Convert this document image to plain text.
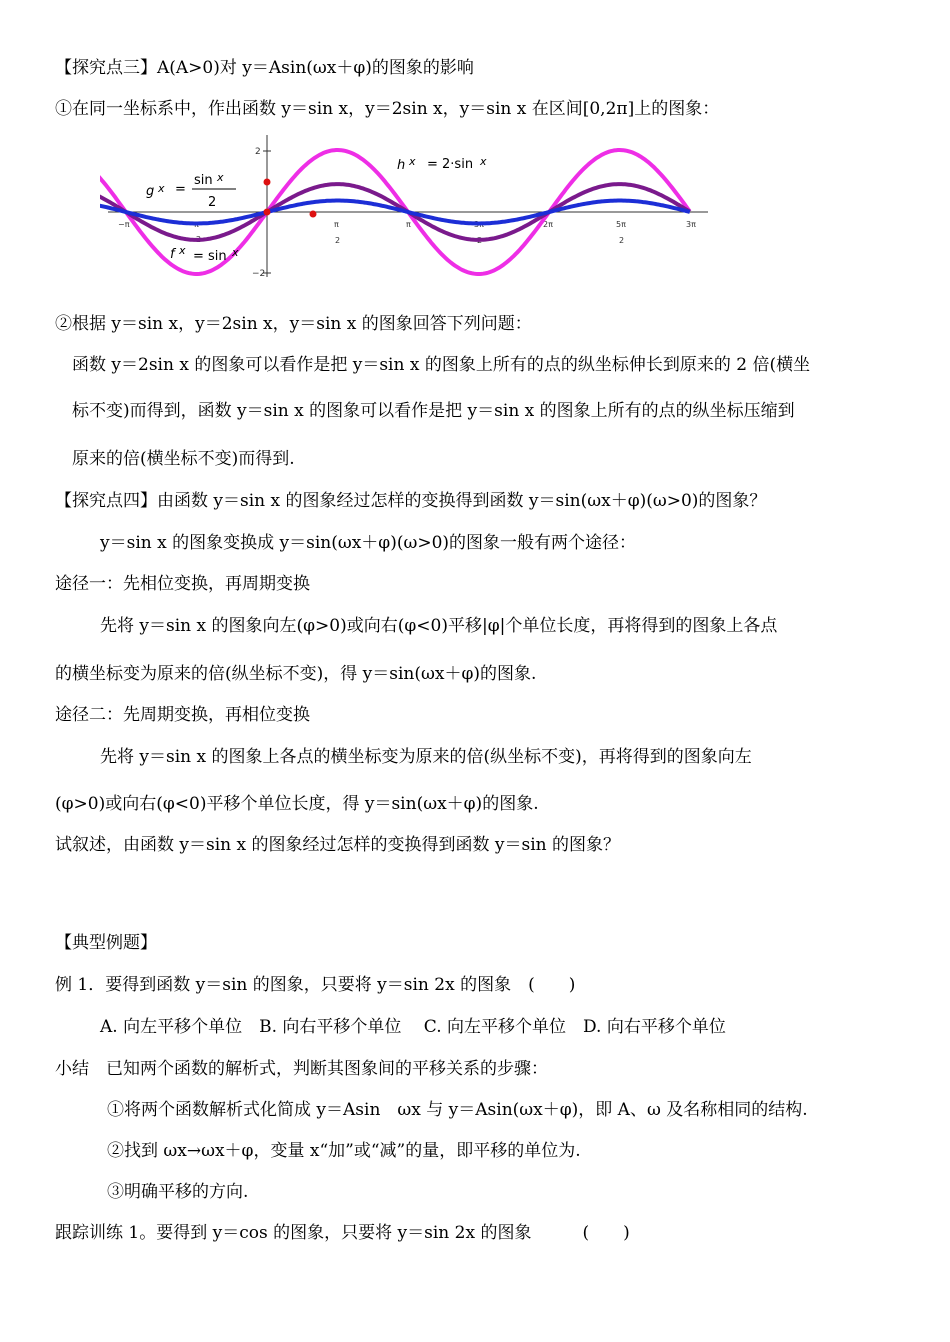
【探究点三】A(A>0)对 y＝Asin(ωx＋φ)的图象的影响
①在同一坐标系中，作出函数 y＝sin x，y＝2sin x，y＝sin x 在区间[0,2π]上的图象：
2
−2
−π	π
2
π
2
π	3π
2
2π	5π
2
3π
g x =
sin x
2
h x = 2·sin x
f x = sin x
②根据 y＝sin x，y＝2sin x，y＝sin x 的图象回答下列问题：
函数 y＝2sin x 的图象可以看作是把 y＝sin x 的图象上所有的点的纵坐标伸长到原来的 2 倍(横坐
标不变)而得到，函数 y＝sin x 的图象可以看作是把 y＝sin x 的图象上所有的点的纵坐标压缩到
原来的倍(横坐标不变)而得到.
【探究点四】由函数 y＝sin x 的图象经过怎样的变换得到函数 y＝sin(ωx＋φ)(ω>0)的图象？
y＝sin x 的图象变换成 y＝sin(ωx＋φ)(ω>0)的图象一般有两个途径：
途径一：先相位变换，再周期变换
先将 y＝sin x 的图象向左(φ>0)或向右(φ<0)平移|φ|个单位长度，再将得到的图象上各点
的横坐标变为原来的倍(纵坐标不变)，得 y＝sin(ωx＋φ)的图象.
途径二：先周期变换，再相位变换
先将 y＝sin x 的图象上各点的横坐标变为原来的倍(纵坐标不变)，再将得到的图象向左
(φ>0)或向右(φ<0)平移个单位长度，得 y＝sin(ωx＋φ)的图象.
试叙述，由函数 y＝sin x 的图象经过怎样的变换得到函数 y＝sin 的图象？
【典型例题】
例 1．要得到函数 y＝sin 的图象，只要将 y＝sin 2x 的图象　(　　)
A. 向左平移个单位　B. 向右平移个单位　 C. 向左平移个单位　D. 向右平移个单位
小结　已知两个函数的解析式，判断其图象间的平移关系的步骤：
①将两个函数解析式化简成 y＝Asin　ωx 与 y＝Asin(ωx＋φ)，即 A、ω 及名称相同的结构.
②找到 ωx→ωx＋φ，变量 x“加”或“减”的量，即平移的单位为.
③明确平移的方向.
跟踪训练 1。要得到 y＝cos 的图象，只要将 y＝sin 2x 的图象　　　(　　)
